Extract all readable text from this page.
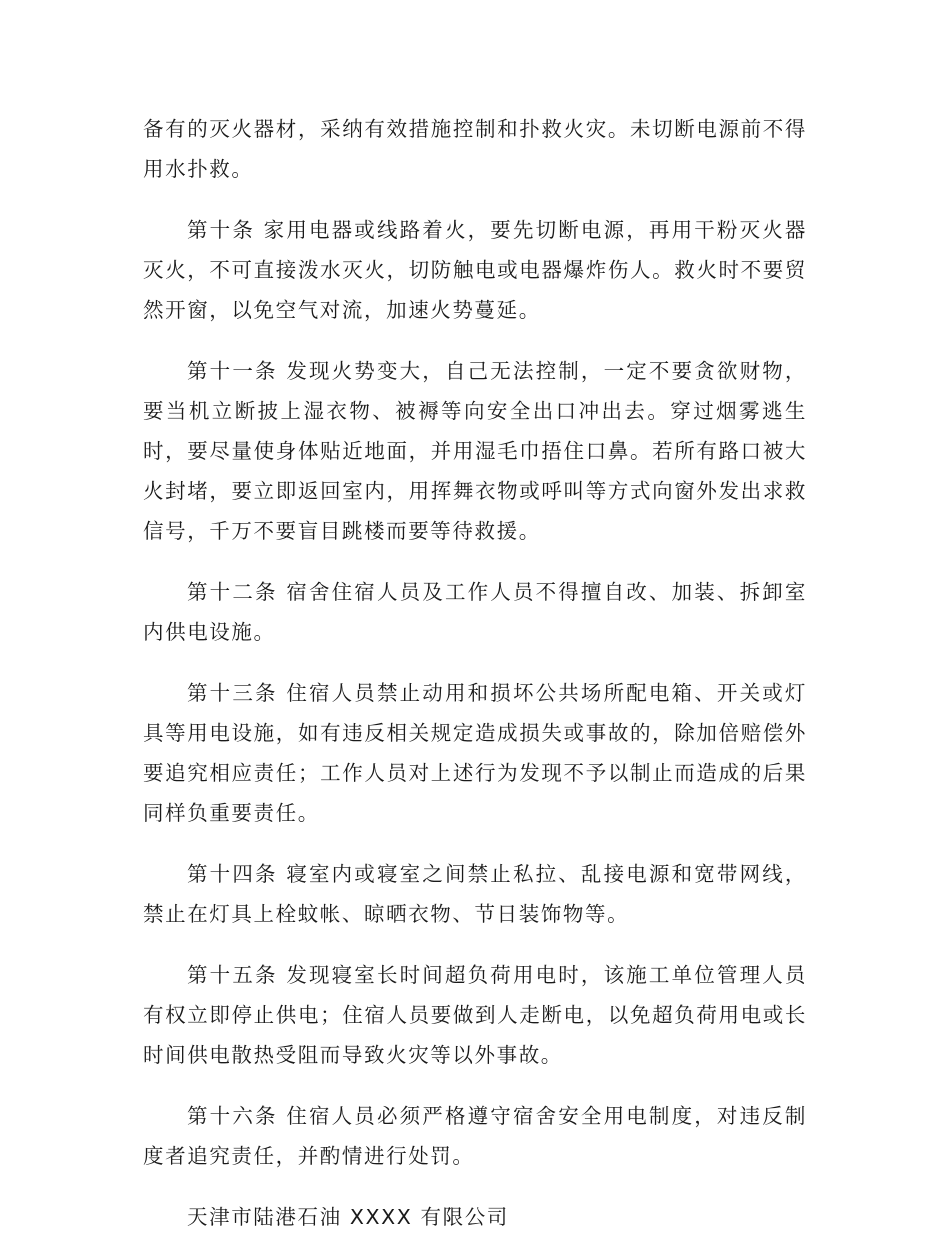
备有的灭火器材，采纳有效措施控制和扑救火灾。未切断电源前不得用水扑救。

第十条 家用电器或线路着火，要先切断电源，再用干粉灭火器灭火，不可直接泼水灭火，切防触电或电器爆炸伤人。救火时不要贸然开窗，以免空气对流，加速火势蔓延。

第十一条 发现火势变大，自己无法控制，一定不要贪欲财物，要当机立断披上湿衣物、被褥等向安全出口冲出去。穿过烟雾逃生时，要尽量使身体贴近地面，并用湿毛巾捂住口鼻。若所有路口被大火封堵，要立即返回室内，用挥舞衣物或呼叫等方式向窗外发出求救信号，千万不要盲目跳楼而要等待救援。

第十二条 宿舍住宿人员及工作人员不得擅自改、加装、拆卸室内供电设施。

第十三条 住宿人员禁止动用和损坏公共场所配电箱、开关或灯具等用电设施，如有违反相关规定造成损失或事故的，除加倍赔偿外要追究相应责任；工作人员对上述行为发现不予以制止而造成的后果同样负重要责任。

第十四条 寝室内或寝室之间禁止私拉、乱接电源和宽带网线，禁止在灯具上栓蚊帐、晾晒衣物、节日装饰物等。

第十五条 发现寝室长时间超负荷用电时，该施工单位管理人员有权立即停止供电；住宿人员要做到人走断电，以免超负荷用电或长时间供电散热受阻而导致火灾等以外事故。

第十六条 住宿人员必须严格遵守宿舍安全用电制度，对违反制度者追究责任，并酌情进行处罚。

天津市陆港石油 XXXX 有限公司
